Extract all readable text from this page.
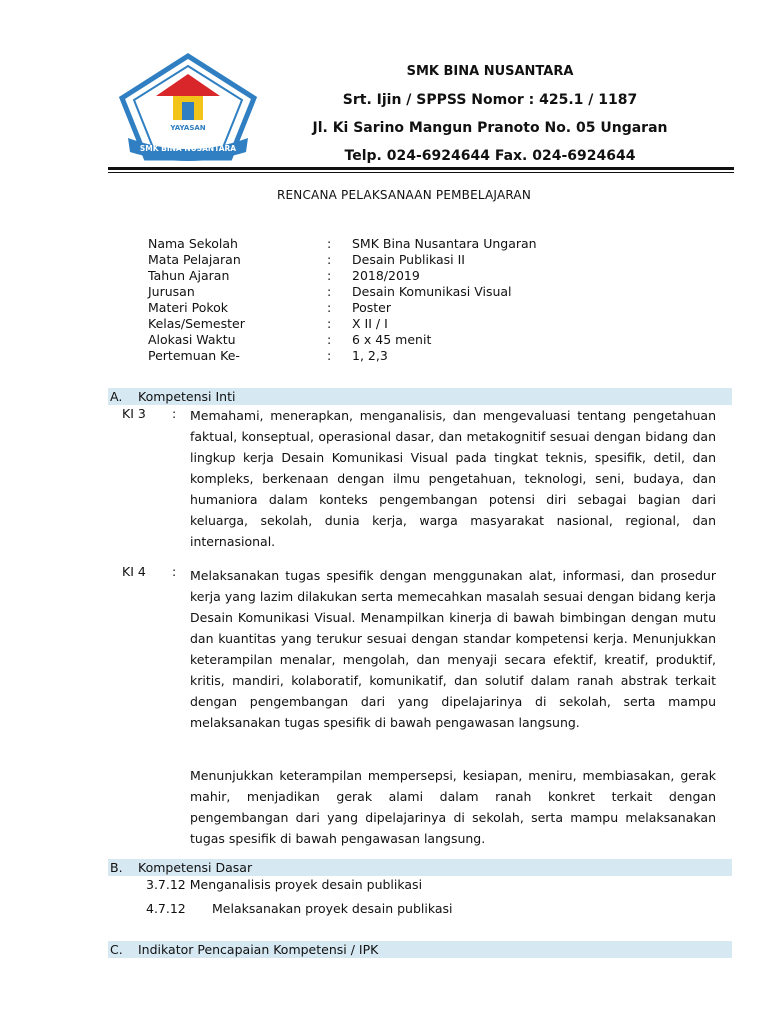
YAYASAN
SMK BINA NUSANTARA
SMK BINA NUSANTARA
Srt. Ijin / SPPSS Nomor : 425.1 / 1187
Jl. Ki Sarino Mangun Pranoto No. 05 Ungaran
Telp. 024-6924644 Fax. 024-6924644
RENCANA PELAKSANAAN PEMBELAJARAN
Nama Sekolah	: SMK Bina Nusantara Ungaran
Mata Pelajaran	: Desain Publikasi II
Tahun Ajaran	: 2018/2019
Jurusan	: Desain Komunikasi Visual
Materi Pokok	: Poster
Kelas/Semester	: X II / I
Alokasi Waktu	: 6 x 45 menit
Pertemuan Ke-	: 1, 2,3
A. Kompetensi Inti
KI 3 : Memahami, menerapkan, menganalisis, dan mengevaluasi tentang pengetahuan faktual, konseptual, operasional dasar, dan metakognitif sesuai dengan bidang dan lingkup kerja Desain Komunikasi Visual pada tingkat teknis, spesifik, detil, dan kompleks, berkenaan dengan ilmu pengetahuan, teknologi, seni, budaya, dan humaniora dalam konteks pengembangan potensi diri sebagai bagian dari keluarga, sekolah, dunia kerja, warga masyarakat nasional, regional, dan internasional.
KI 4 : Melaksanakan tugas spesifik dengan menggunakan alat, informasi, dan prosedur kerja yang lazim dilakukan serta memecahkan masalah sesuai dengan bidang kerja Desain Komunikasi Visual. Menampilkan kinerja di bawah bimbingan dengan mutu dan kuantitas yang terukur sesuai dengan standar kompetensi kerja. Menunjukkan keterampilan menalar, mengolah, dan menyaji secara efektif, kreatif, produktif, kritis, mandiri, kolaboratif, komunikatif, dan solutif dalam ranah abstrak terkait dengan pengembangan dari yang dipelajarinya di sekolah, serta mampu melaksanakan tugas spesifik di bawah pengawasan langsung.
Menunjukkan keterampilan mempersepsi, kesiapan, meniru, membiasakan, gerak mahir, menjadikan gerak alami dalam ranah konkret terkait dengan pengembangan dari yang dipelajarinya di sekolah, serta mampu melaksanakan tugas spesifik di bawah pengawasan langsung.
B. Kompetensi Dasar
3.7.12 Menganalisis proyek desain publikasi
4.7.12 Melaksanakan proyek desain publikasi
C. Indikator Pencapaian Kompetensi / IPK
